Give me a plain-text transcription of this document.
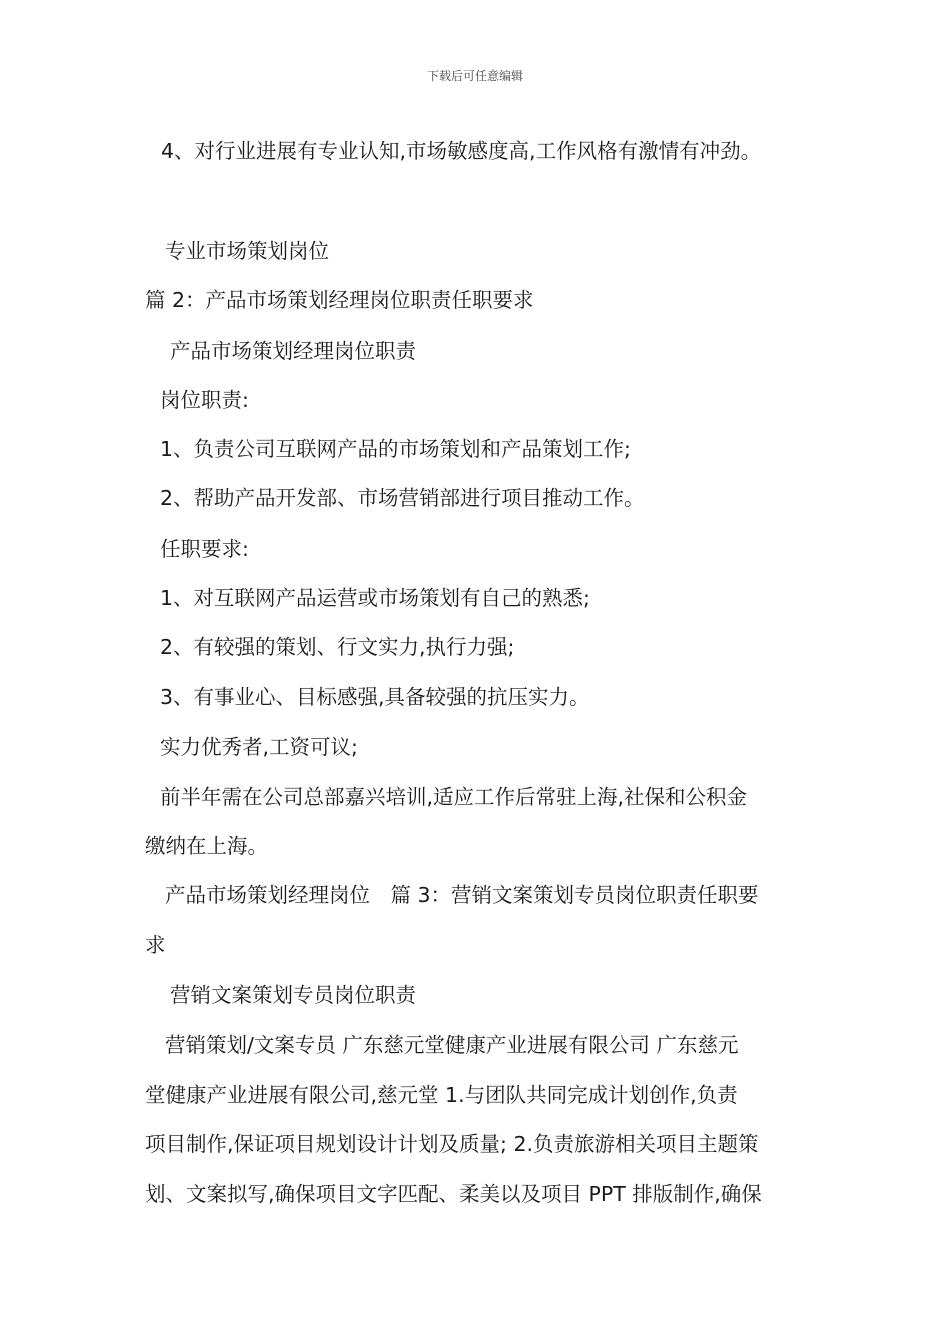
下载后可任意编辑
4、对行业进展有专业认知,市场敏感度高,工作风格有激情有冲劲。
专业市场策划岗位
篇 2：产品市场策划经理岗位职责任职要求
产品市场策划经理岗位职责
岗位职责:
1、负责公司互联网产品的市场策划和产品策划工作;
2、帮助产品开发部、市场营销部进行项目推动工作。
任职要求:
1、对互联网产品运营或市场策划有自己的熟悉;
2、有较强的策划、行文实力,执行力强;
3、有事业心、目标感强,具备较强的抗压实力。
实力优秀者,工资可议;
前半年需在公司总部嘉兴培训,适应工作后常驻上海,社保和公积金
缴纳在上海。
产品市场策划经理岗位　篇 3：营销文案策划专员岗位职责任职要
求
营销文案策划专员岗位职责
营销策划/文案专员 广东慈元堂健康产业进展有限公司 广东慈元
堂健康产业进展有限公司,慈元堂 1.与团队共同完成计划创作,负责
项目制作,保证项目规划设计计划及质量; 2.负责旅游相关项目主题策
划、文案拟写,确保项目文字匹配、柔美以及项目 PPT 排版制作,确保
